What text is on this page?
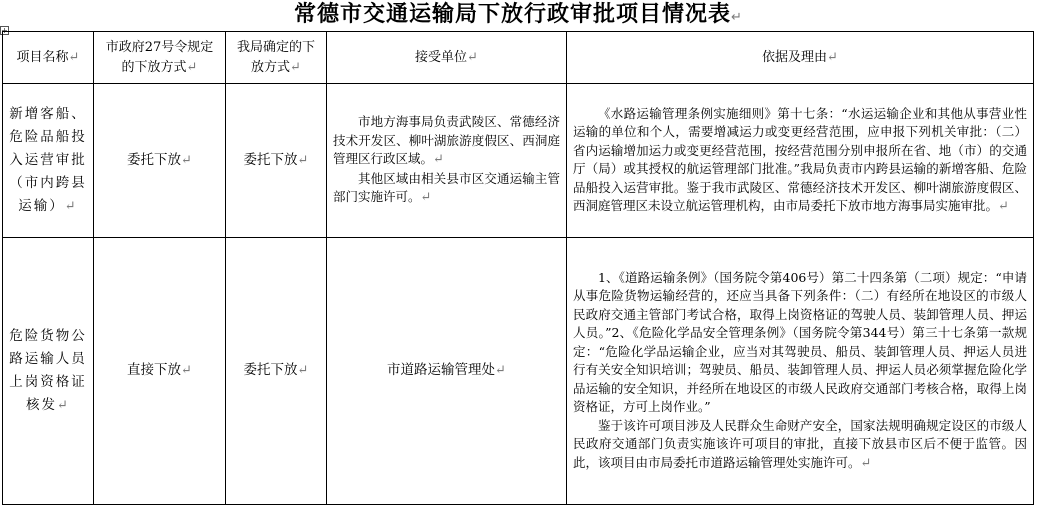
常德市交通运输局下放行政审批项目情况表↵
+
项目名称↵	市政府27号令规定的下放方式↵	我局确定的下放方式↵	接受单位↵	依据及理由↵
新增客船、危险品船投入运营审批（市内跨县运输）↵	委托下放↵	委托下放↵	市地方海事局负责武陵区、常德经济技术开发区、柳叶湖旅游度假区、西洞庭管理区行政区域。↵
其他区域由相关县市区交通运输主管部门实施许可。↵	《水路运输管理条例实施细则》第十七条：“水运运输企业和其他从事营业性运输的单位和个人，需要增减运力或变更经营范围，应申报下列机关审批：（二）省内运输增加运力或变更经营范围，按经营范围分别申报所在省、地（市）的交通厅（局）或其授权的航运管理部门批准。”我局负责市内跨县运输的新增客船、危险品船投入运营审批。鉴于我市武陵区、常德经济技术开发区、柳叶湖旅游度假区、西洞庭管理区未设立航运管理机构，由市局委托下放市地方海事局实施审批。↵

危险货物公路运输人员上岗资格证核发↵	直接下放↵	委托下放↵	市道路运输管理处↵	1、《道路运输条例》（国务院令第406号）第二十四条第（二项）规定：“申请从事危险货物运输经营的，还应当具备下列条件：（二）有经所在地设区的市级人民政府交通主管部门考试合格，取得上岗资格证的驾驶人员、装卸管理人员、押运人员。”2、《危险化学品安全管理条例》（国务院令第344号）第三十七条第一款规定：“危险化学品运输企业，应当对其驾驶员、船员、装卸管理人员、押运人员进行有关安全知识培训；驾驶员、船员、装卸管理人员、押运人员必须掌握危险化学品运输的安全知识，并经所在地设区的市级人民政府交通部门考核合格，取得上岗资格证，方可上岗作业。”
鉴于该许可项目涉及人民群众生命财产安全，国家法规明确规定设区的市级人民政府交通部门负责实施该许可项目的审批，直接下放县市区后不便于监管。因此，该项目由市局委托市道路运输管理处实施许可。↵
